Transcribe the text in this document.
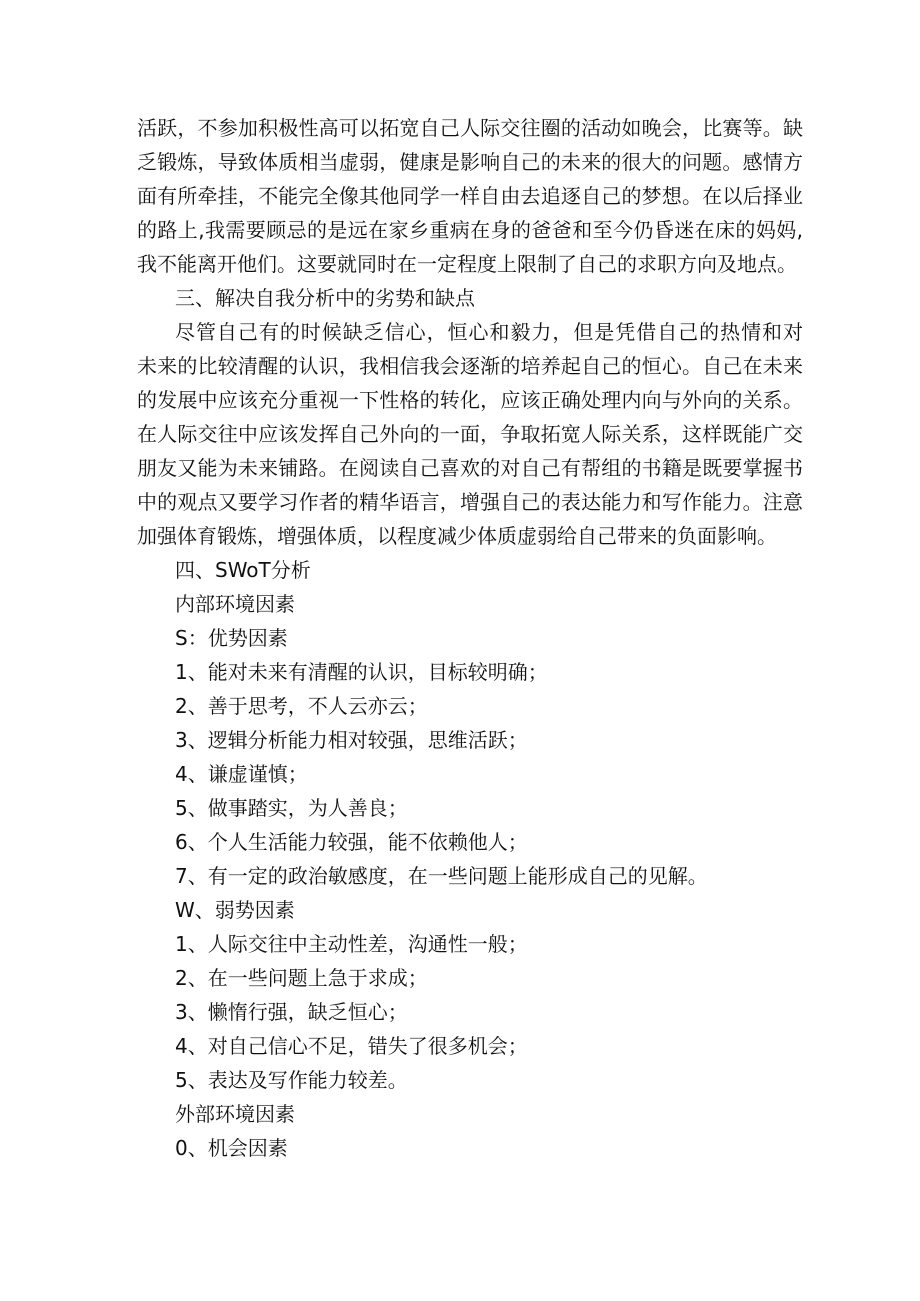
活跃，不参加积极性高可以拓宽自己人际交往圈的活动如晚会，比赛等。缺
乏锻炼，导致体质相当虚弱，健康是影响自己的未来的很大的问题。感情方
面有所牵挂，不能完全像其他同学一样自由去追逐自己的梦想。在以后择业
的路上,我需要顾忌的是远在家乡重病在身的爸爸和至今仍昏迷在床的妈妈,
我不能离开他们。这要就同时在一定程度上限制了自己的求职方向及地点。
三、解决自我分析中的劣势和缺点
尽管自己有的时候缺乏信心，恒心和毅力，但是凭借自己的热情和对
未来的比较清醒的认识，我相信我会逐渐的培养起自己的恒心。自己在未来
的发展中应该充分重视一下性格的转化，应该正确处理内向与外向的关系。
在人际交往中应该发挥自己外向的一面，争取拓宽人际关系，这样既能广交
朋友又能为未来铺路。在阅读自己喜欢的对自己有帮组的书籍是既要掌握书
中的观点又要学习作者的精华语言，增强自己的表达能力和写作能力。注意
加强体育锻炼，增强体质，以程度减少体质虚弱给自己带来的负面影响。
四、SWoT分析
内部环境因素
S：优势因素
1、能对未来有清醒的认识，目标较明确；
2、善于思考，不人云亦云；
3、逻辑分析能力相对较强，思维活跃；
4、谦虚谨慎；
5、做事踏实，为人善良；
6、个人生活能力较强，能不依赖他人；
7、有一定的政治敏感度，在一些问题上能形成自己的见解。
W、弱势因素
1、人际交往中主动性差，沟通性一般；
2、在一些问题上急于求成；
3、懒惰行强，缺乏恒心；
4、对自己信心不足，错失了很多机会；
5、表达及写作能力较差。
外部环境因素
0、机会因素
